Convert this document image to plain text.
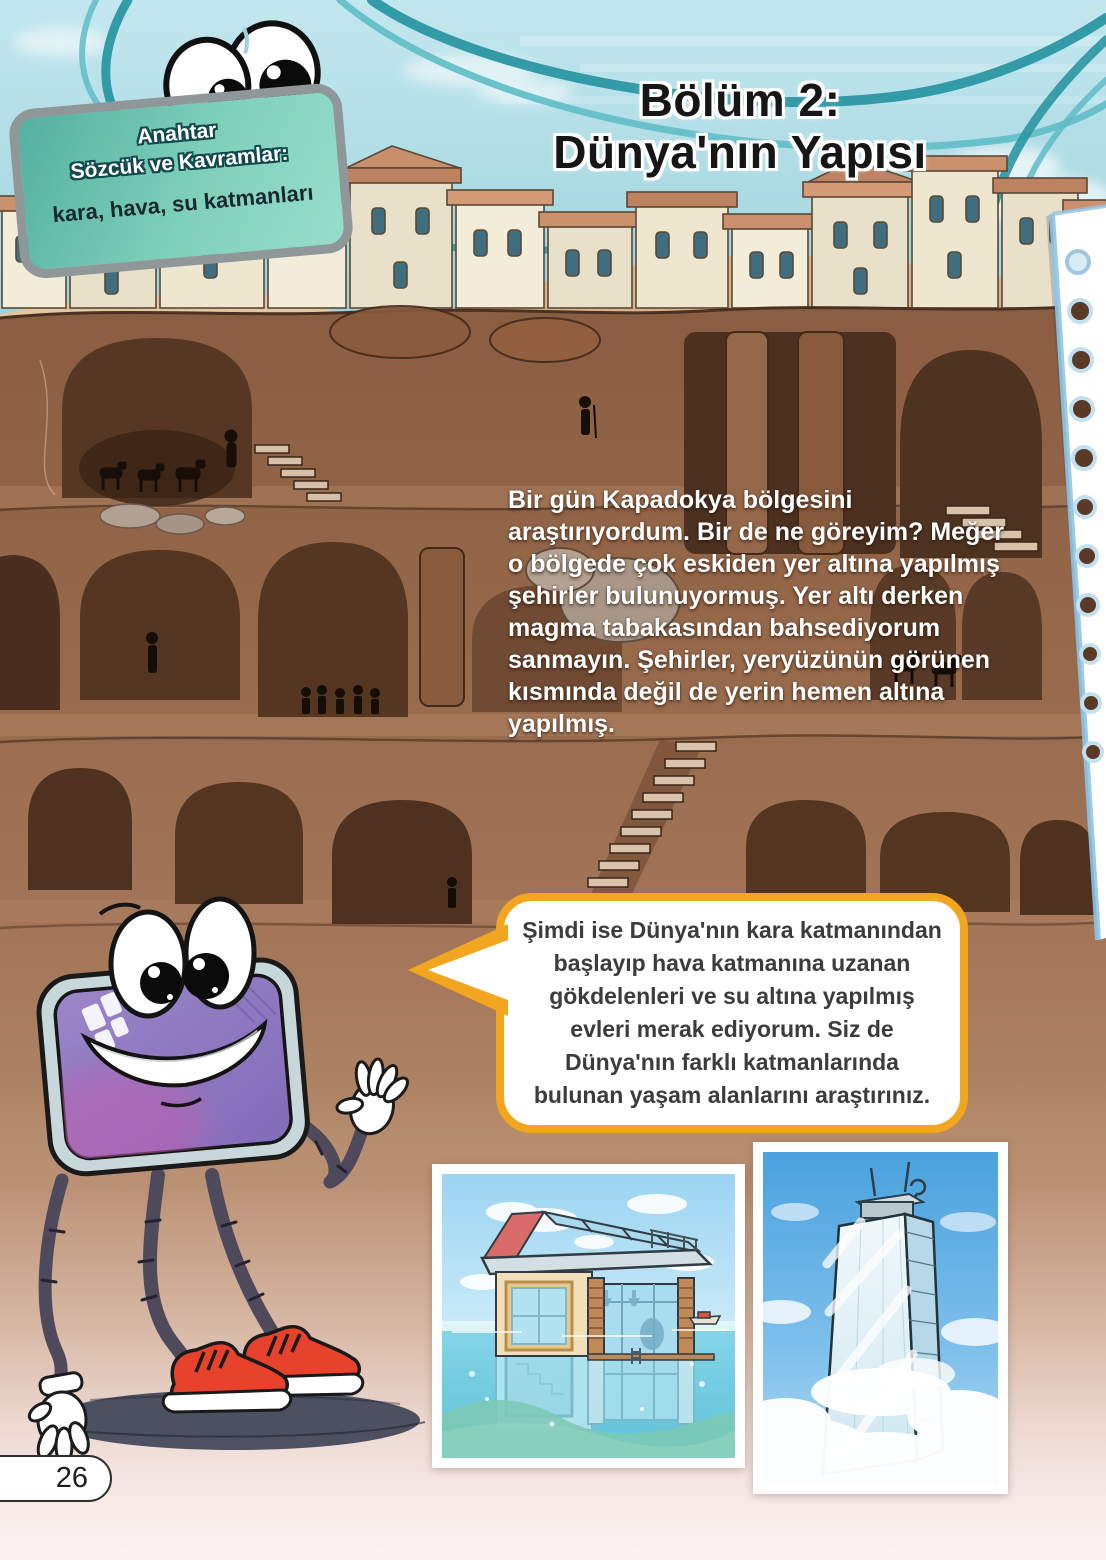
Anahtar
Sözcük ve Kavramlar:
kara, hava, su katmanları
Bölüm 2:
Dünya'nın Yapısı
Bir gün Kapadokya bölgesini araştırıyordum. Bir de ne göreyim? Meğer o bölgede çok eskiden yer altına yapılmış şehirler bulunuyormuş. Yer altı derken magma tabakasından bahsediyorum sanmayın. Şehirler, yeryüzünün görünen kısmında değil de yerin hemen altına yapılmış.
Şimdi ise Dünya'nın kara katmanından başlayıp hava katmanına uzanan gökdelenleri ve su altına yapılmış evleri merak ediyorum. Siz de Dünya'nın farklı katmanlarında bulunan yaşam alanlarını araştırınız.
26
